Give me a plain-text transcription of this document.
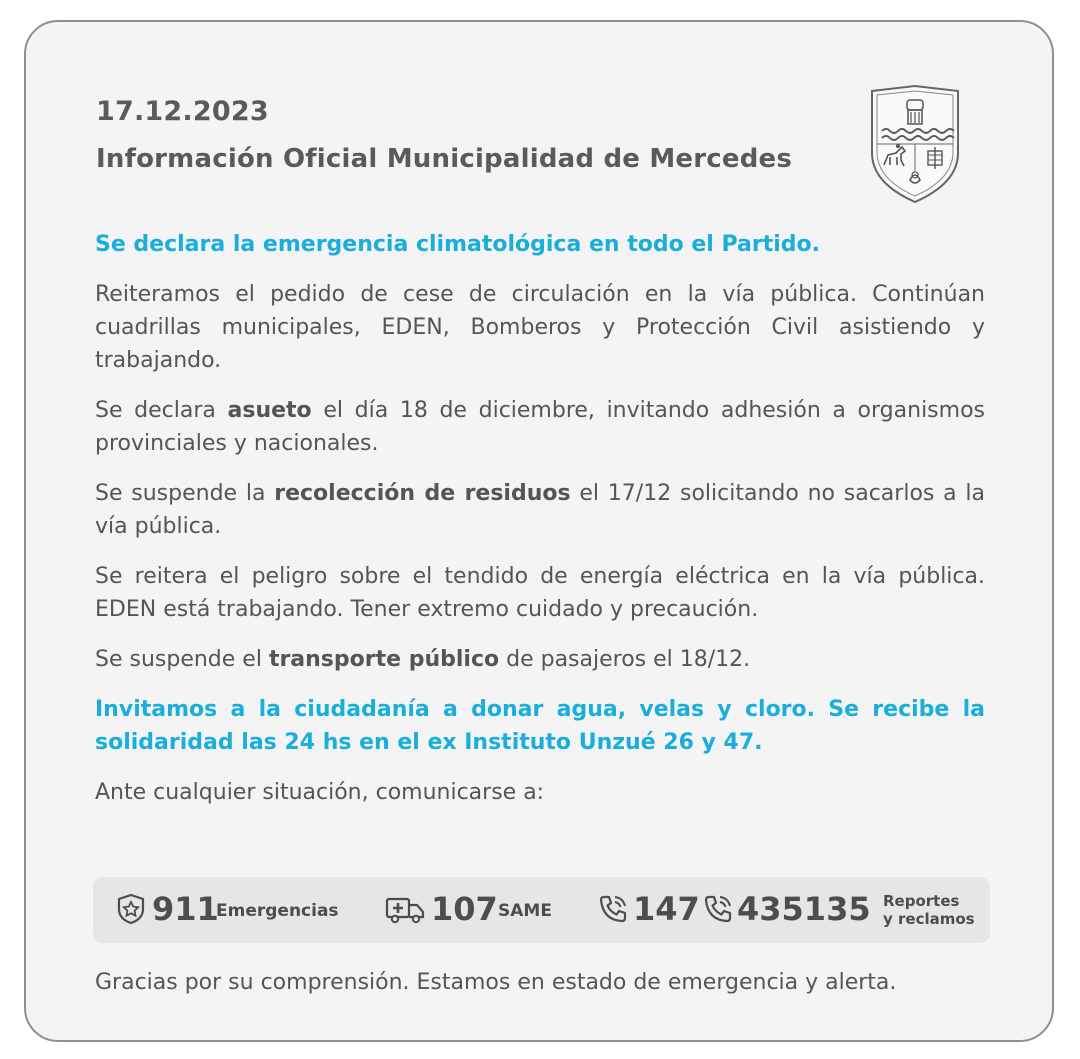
17.12.2023
Información Oficial Municipalidad de Mercedes

Se declara la emergencia climatológica en todo el Partido.

Reiteramos el pedido de cese de circulación en la vía pública. Continúan cuadrillas municipales, EDEN, Bomberos y Protección Civil asistiendo y trabajando.

Se declara asueto el día 18 de diciembre, invitando adhesión a organismos provinciales y nacionales.

Se suspende la recolección de residuos el 17/12 solicitando no sacarlos a la vía pública.

Se reitera el peligro sobre el tendido de energía eléctrica en la vía pública. EDEN está trabajando. Tener extremo cuidado y precaución.

Se suspende el transporte público de pasajeros el 18/12.

Invitamos a la ciudadanía a donar agua, velas y cloro. Se recibe la solidaridad las 24 hs en el ex Instituto Unzué 26 y 47.

Ante cualquier situación, comunicarse a:

911
Emergencias	107 SAME	147 435135 Reportes
y reclamos
Gracias por su comprensión. Estamos en estado de emergencia y alerta.
